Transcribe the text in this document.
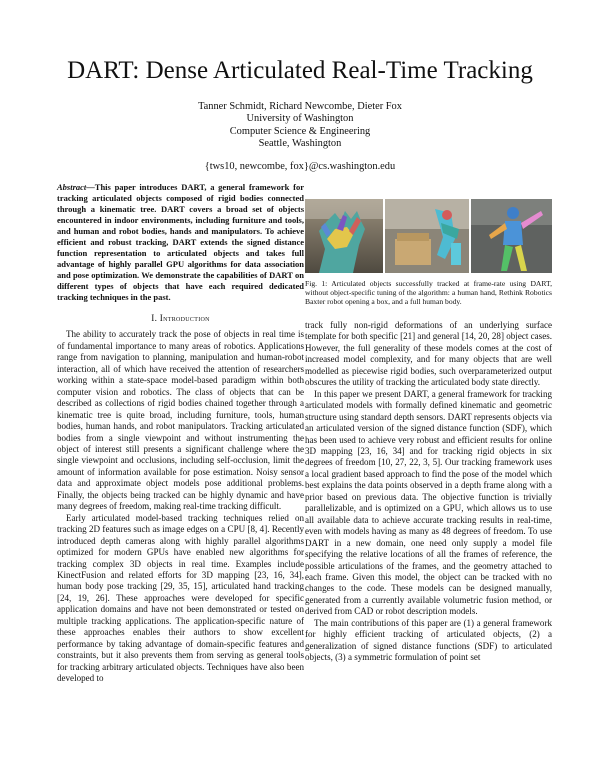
DART: Dense Articulated Real-Time Tracking
Tanner Schmidt, Richard Newcombe, Dieter Fox
University of Washington
Computer Science & Engineering
Seattle, Washington
{tws10, newcombe, fox}@cs.washington.edu

Abstract—This paper introduces DART, a general framework for tracking articulated objects composed of rigid bodies connected through a kinematic tree. DART covers a broad set of objects encountered in indoor environments, including furniture and tools, and human and robot bodies, hands and manipulators. To achieve efficient and robust tracking, DART extends the signed distance function representation to articulated objects and takes full advantage of highly parallel GPU algorithms for data association and pose optimization. We demonstrate the capabilities of DART on different types of objects that have each required dedicated tracking techniques in the past.

I. Introduction

The ability to accurately track the pose of objects in real time is of fundamental importance to many areas of robotics. Applications range from navigation to planning, manipulation and human-robot interaction, all of which have received the attention of researchers working within a state-space model-based paradigm within both computer vision and robotics. The class of objects that can be described as collections of rigid bodies chained together through a kinematic tree is quite broad, including furniture, tools, human bodies, human hands, and robot manipulators. Tracking articulated bodies from a single viewpoint and without instrumenting the object of interest still presents a significant challenge where the single viewpoint and occlusions, including self-occlusion, limit the amount of information available for pose estimation. Noisy sensor data and approximate object models pose additional problems. Finally, the objects being tracked can be highly dynamic and have many degrees of freedom, making real-time tracking difficult.

Early articulated model-based tracking techniques relied on tracking 2D features such as image edges on a CPU [8, 4]. Recently introduced depth cameras along with highly parallel algorithms optimized for modern GPUs have enabled new algorithms for tracking complex 3D objects in real time. Examples include KinectFusion and related efforts for 3D mapping [23, 16, 34], human body pose tracking [29, 35, 15], articulated hand tracking [24, 19, 26]. These approaches were developed for specific application domains and have not been demonstrated or tested on multiple tracking applications. The application-specific nature of these approaches enables their authors to show excellent performance by taking advantage of domain-specific features and constraints, but it also prevents them from serving as general tools for tracking arbitrary articulated objects. Techniques have also been developed to

Fig. 1: Articulated objects successfully tracked at frame-rate using DART, without object-specific tuning of the algorithm: a human hand, Rethink Robotics Baxter robot opening a box, and a full human body.

track fully non-rigid deformations of an underlying surface template for both specific [21] and general [14, 20, 28] object cases. However, the full generality of these models comes at the cost of increased model complexity, and for many objects that are well modelled as piecewise rigid bodies, such overparameterized output obscures the utility of tracking the articulated body state directly.

In this paper we present DART, a general framework for tracking articulated models with formally defined kinematic and geometric structure using standard depth sensors. DART represents objects via an articulated version of the signed distance function (SDF), which has been used to achieve very robust and efficient results for online 3D mapping [23, 16, 34] and for tracking rigid objects in six degrees of freedom [10, 27, 22, 3, 5]. Our tracking framework uses a local gradient based approach to find the pose of the model which best explains the data points observed in a depth frame along with a prior based on previous data. The objective function is trivially parallelizable, and is optimized on a GPU, which allows us to use all available data to achieve accurate tracking results in real-time, even with models having as many as 48 degrees of freedom. To use DART in a new domain, one need only supply a model file specifying the relative locations of all the frames of reference, the possible articulations of the frames, and the geometry attached to each frame. Given this model, the object can be tracked with no changes to the code. These models can be designed manually, generated from a currently available volumetric fusion method, or derived from CAD or robot description models.

The main contributions of this paper are (1) a general framework for highly efficient tracking of articulated objects, (2) a generalization of signed distance functions (SDF) to articulated objects, (3) a symmetric formulation of point set
